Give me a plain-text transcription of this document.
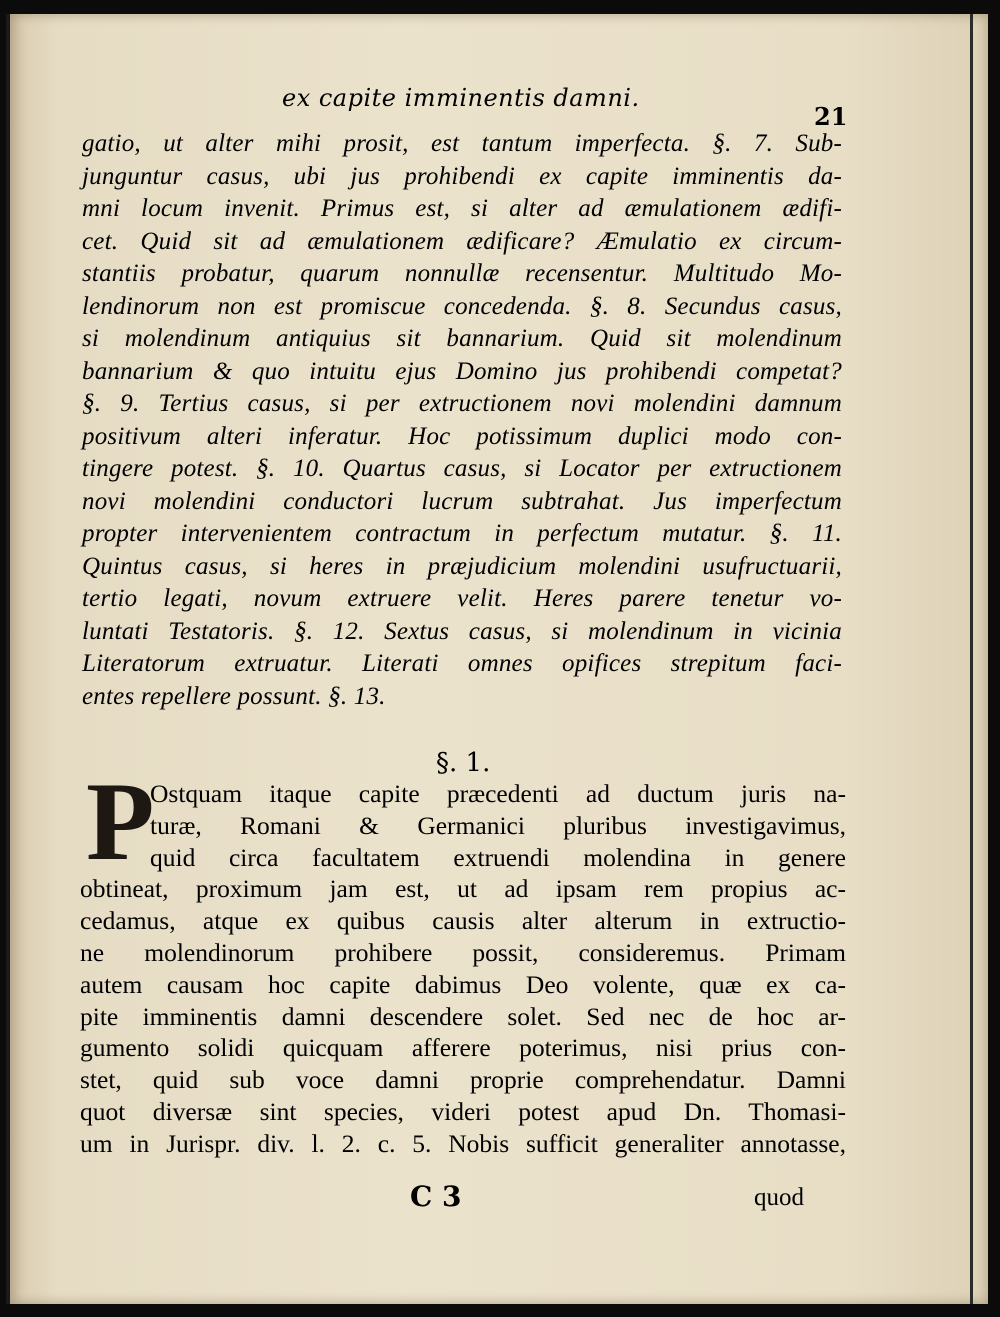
ex capite imminentis damni.
21
gatio, ut alter mihi prosit, est tantum imperfecta. §. 7. Sub-
junguntur casus, ubi jus prohibendi ex capite imminentis da-
mni locum invenit. Primus est, si alter ad æmulationem ædifi-
cet. Quid sit ad æmulationem ædificare? Æmulatio ex circum-
stantiis probatur, quarum nonnullæ recensentur. Multitudo Mo-
lendinorum non est promiscue concedenda. §. 8. Secundus casus,
si molendinum antiquius sit bannarium. Quid sit molendinum
bannarium & quo intuitu ejus Domino jus prohibendi competat?
§. 9. Tertius casus, si per extructionem novi molendini damnum
positivum alteri inferatur. Hoc potissimum duplici modo con-
tingere potest. §. 10. Quartus casus, si Locator per extructionem
novi molendini conductori lucrum subtrahat. Jus imperfectum
propter intervenientem contractum in perfectum mutatur. §. 11.
Quintus casus, si heres in præjudicium molendini usufructuarii,
tertio legati, novum extruere velit. Heres parere tenetur vo-
luntati Testatoris. §. 12. Sextus casus, si molendinum in vicinia
Literatorum extruatur. Literati omnes opifices strepitum faci-
entes repellere possunt. §. 13.
§. 1.
P
Ostquam itaque capite præcedenti ad ductum juris na-
turæ, Romani & Germanici pluribus investigavimus,
quid circa facultatem extruendi molendina in genere
obtineat, proximum jam est, ut ad ipsam rem propius ac-
cedamus, atque ex quibus causis alter alterum in extructio-
ne molendinorum prohibere possit, consideremus. Primam
autem causam hoc capite dabimus Deo volente, quæ ex ca-
pite imminentis damni descendere solet. Sed nec de hoc ar-
gumento solidi quicquam afferere poterimus, nisi prius con-
stet, quid sub voce damni proprie comprehendatur. Damni
quot diversæ sint species, videri potest apud Dn. Thomasi-
um in Jurispr. div. l. 2. c. 5. Nobis sufficit generaliter annotasse,
C 3	quod
